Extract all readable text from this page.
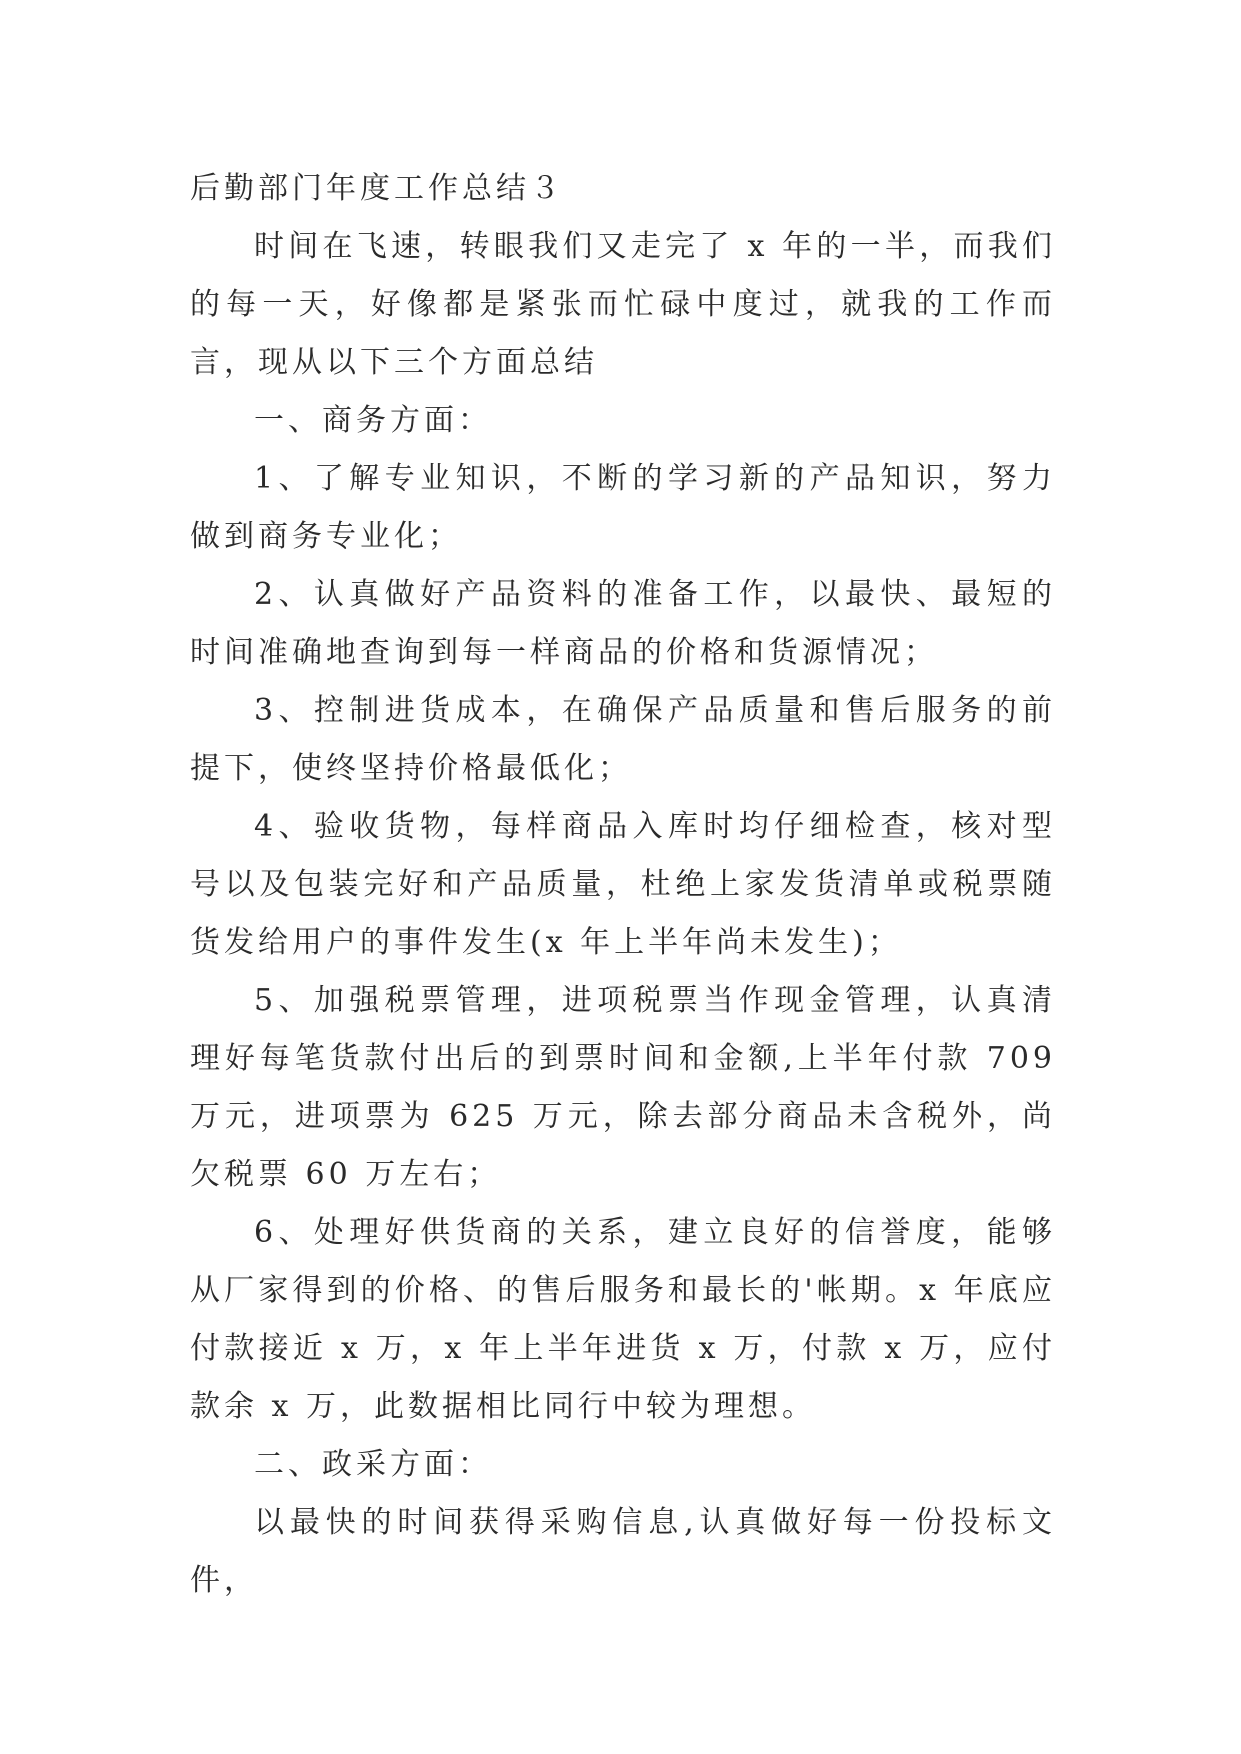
后勤部门年度工作总结３

时间在飞速，转眼我们又走完了 x 年的一半，而我们的每一天，好像都是紧张而忙碌中度过，就我的工作而言，现从以下三个方面总结

一、商务方面：

1、了解专业知识，不断的学习新的产品知识，努力做到商务专业化；

2、认真做好产品资料的准备工作，以最快、最短的时间准确地查询到每一样商品的价格和货源情况；

3、控制进货成本，在确保产品质量和售后服务的前提下，使终坚持价格最低化；

4、验收货物，每样商品入库时均仔细检查，核对型号以及包装完好和产品质量，杜绝上家发货清单或税票随货发给用户的事件发生(x 年上半年尚未发生)；

5、加强税票管理，进项税票当作现金管理，认真清理好每笔货款付出后的到票时间和金额,上半年付款 709 万元，进项票为 625 万元，除去部分商品未含税外，尚欠税票 60 万左右；

6、处理好供货商的关系，建立良好的信誉度，能够从厂家得到的价格、的售后服务和最长的'帐期。x 年底应付款接近 x 万，x 年上半年进货 x 万，付款 x 万，应付款余 x 万，此数据相比同行中较为理想。

二、政采方面：

以最快的时间获得采购信息,认真做好每一份投标文件，
